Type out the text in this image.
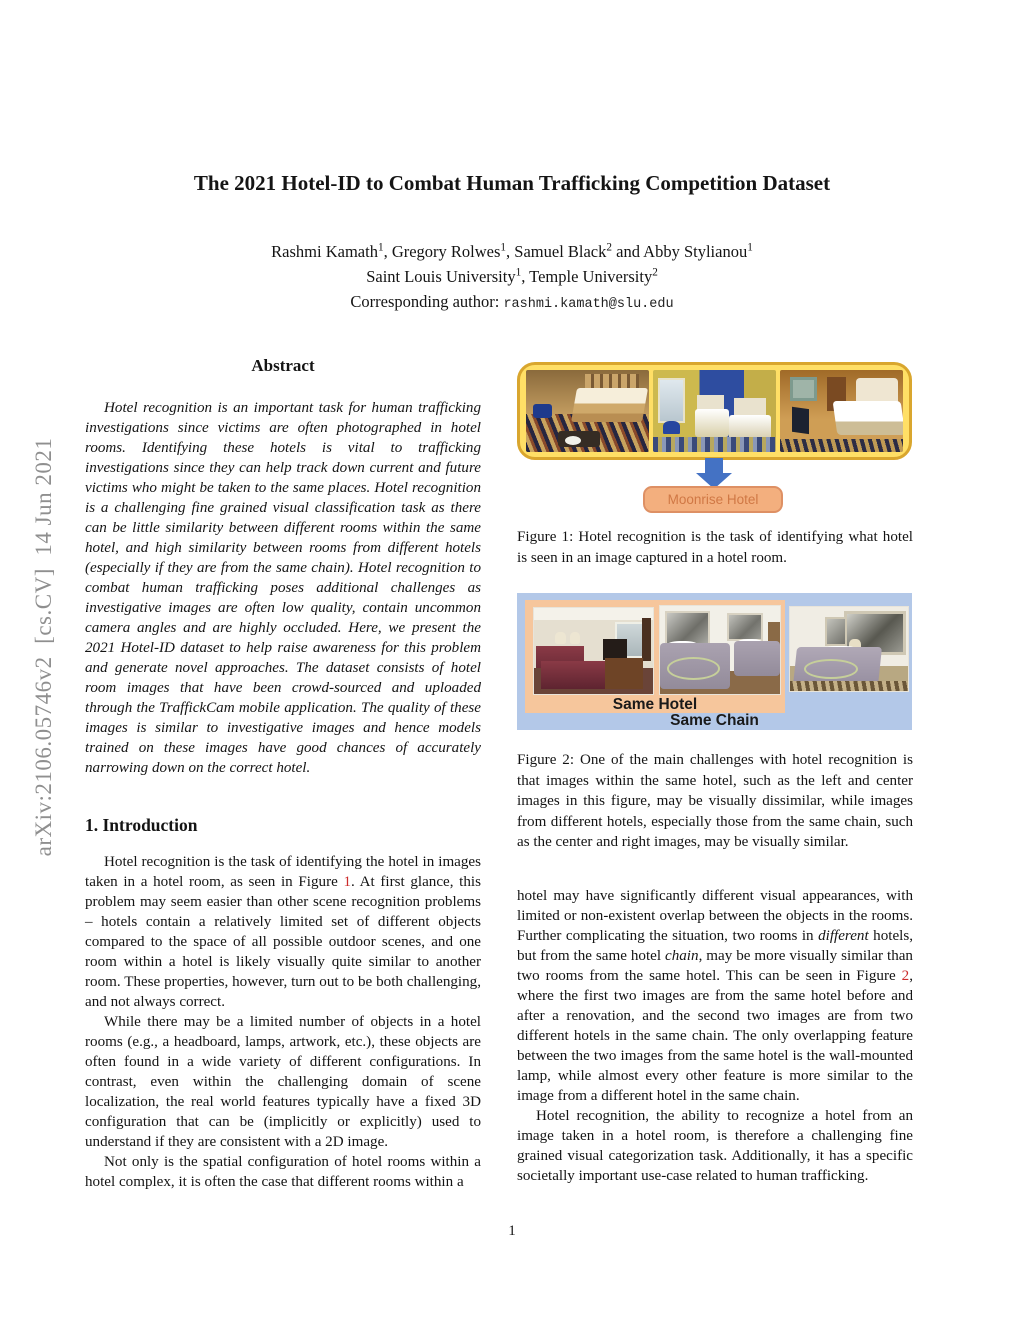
arXiv:2106.05746v2  [cs.CV]  14 Jun 2021
The 2021 Hotel-ID to Combat Human Trafficking Competition Dataset
Rashmi Kamath$^1$, Gregory Rolwes$^1$, Samuel Black$^2$ and Abby Stylianou$^1$
Saint Louis University$^1$, Temple University$^2$
Corresponding author: rashmi.kamath@slu.edu
Abstract

Hotel recognition is an important task for human trafficking investigations since victims are often photographed in hotel rooms. Identifying these hotels is vital to trafficking investigations since they can help track down current and future victims who might be taken to the same places. Hotel recognition is a challenging fine grained visual classification task as there can be little similarity between different rooms within the same hotel, and high similarity between rooms from different hotels (especially if they are from the same chain). Hotel recognition to combat human trafficking poses additional challenges as investigative images are often low quality, contain uncommon camera angles and are highly occluded. Here, we present the 2021 Hotel-ID dataset to help raise awareness for this problem and generate novel approaches. The dataset consists of hotel room images that have been crowd-sourced and uploaded through the TraffickCam mobile application. The quality of these images is similar to investigative images and hence models trained on these images have good chances of accurately narrowing down on the correct hotel.

1. Introduction

Hotel recognition is the task of identifying the hotel in images taken in a hotel room, as seen in Figure 1. At first glance, this problem may seem easier than other scene recognition problems – hotels contain a relatively limited set of different objects compared to the space of all possible outdoor scenes, and one room within a hotel is likely visually quite similar to another room. These properties, however, turn out to be both challenging, and not always correct.

While there may be a limited number of objects in a hotel rooms (e.g., a headboard, lamps, artwork, etc.), these objects are often found in a wide variety of different configurations. In contrast, even within the challenging domain of scene localization, the real world features typically have a fixed 3D configuration that can be (implicitly or explicitly) used to understand if they are consistent with a 2D image.

Not only is the spatial configuration of hotel rooms within a hotel complex, it is often the case that different rooms within a

Moonrise Hotel
Figure 1: Hotel recognition is the task of identifying what hotel is seen in an image captured in a hotel room.
Same Hotel
Same Chain
Figure 2: One of the main challenges with hotel recognition is that images within the same hotel, such as the left and center images in this figure, may be visually dissimilar, while images from different hotels, especially those from the same chain, such as the center and right images, may be visually similar.

hotel may have significantly different visual appearances, with limited or non-existent overlap between the objects in the rooms. Further complicating the situation, two rooms in different hotels, but from the same hotel chain, may be more visually similar than two rooms from the same hotel. This can be seen in Figure 2, where the first two images are from the same hotel before and after a renovation, and the second two images are from two different hotels in the same chain. The only overlapping feature between the two images from the same hotel is the wall-mounted lamp, while almost every other feature is more similar to the image from a different hotel in the same chain.

Hotel recognition, the ability to recognize a hotel from an image taken in a hotel room, is therefore a challenging fine grained visual categorization task. Additionally, it has a specific societally important use-case related to human trafficking.

1
